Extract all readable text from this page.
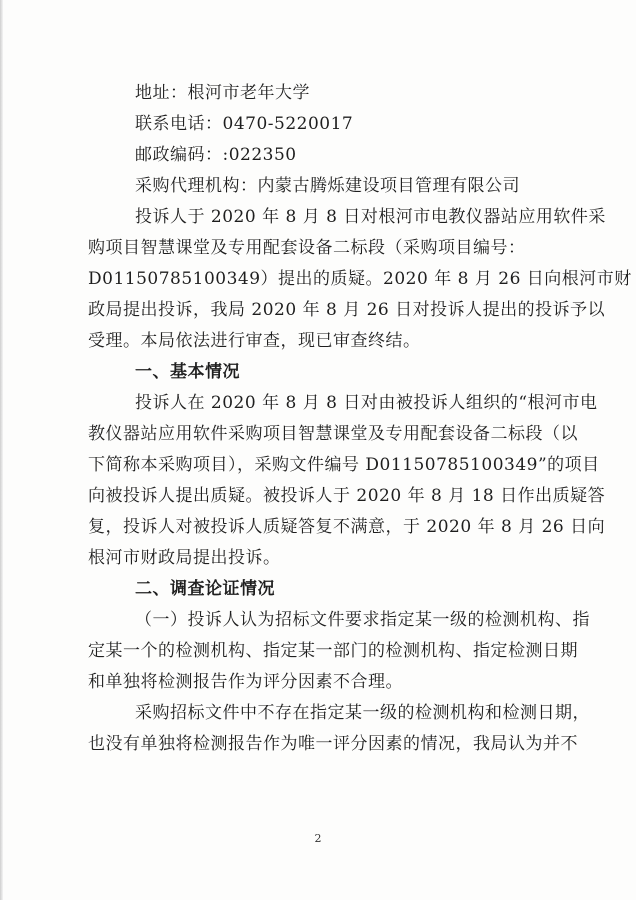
地址：根河市老年大学
联系电话：0470-5220017
邮政编码：:022350
采购代理机构：内蒙古腾烁建设项目管理有限公司
投诉人于 2020 年 8 月 8 日对根河市电教仪器站应用软件采
购项目智慧课堂及专用配套设备二标段（采购项目编号：
D01150785100349）提出的质疑。2020 年 8 月 26 日向根河市财
政局提出投诉，我局 2020 年 8 月 26 日对投诉人提出的投诉予以
受理。本局依法进行审查，现已审查终结。
一、基本情况
投诉人在 2020 年 8 月 8 日对由被投诉人组织的“根河市电
教仪器站应用软件采购项目智慧课堂及专用配套设备二标段（以
下简称本采购项目），采购文件编号 D01150785100349”的项目
向被投诉人提出质疑。被投诉人于 2020 年 8 月 18 日作出质疑答
复，投诉人对被投诉人质疑答复不满意，于 2020 年 8 月 26 日向
根河市财政局提出投诉。
二、调查论证情况
（一）投诉人认为招标文件要求指定某一级的检测机构、指
定某一个的检测机构、指定某一部门的检测机构、指定检测日期
和单独将检测报告作为评分因素不合理。
采购招标文件中不存在指定某一级的检测机构和检测日期，
也没有单独将检测报告作为唯一评分因素的情况，我局认为并不
2
